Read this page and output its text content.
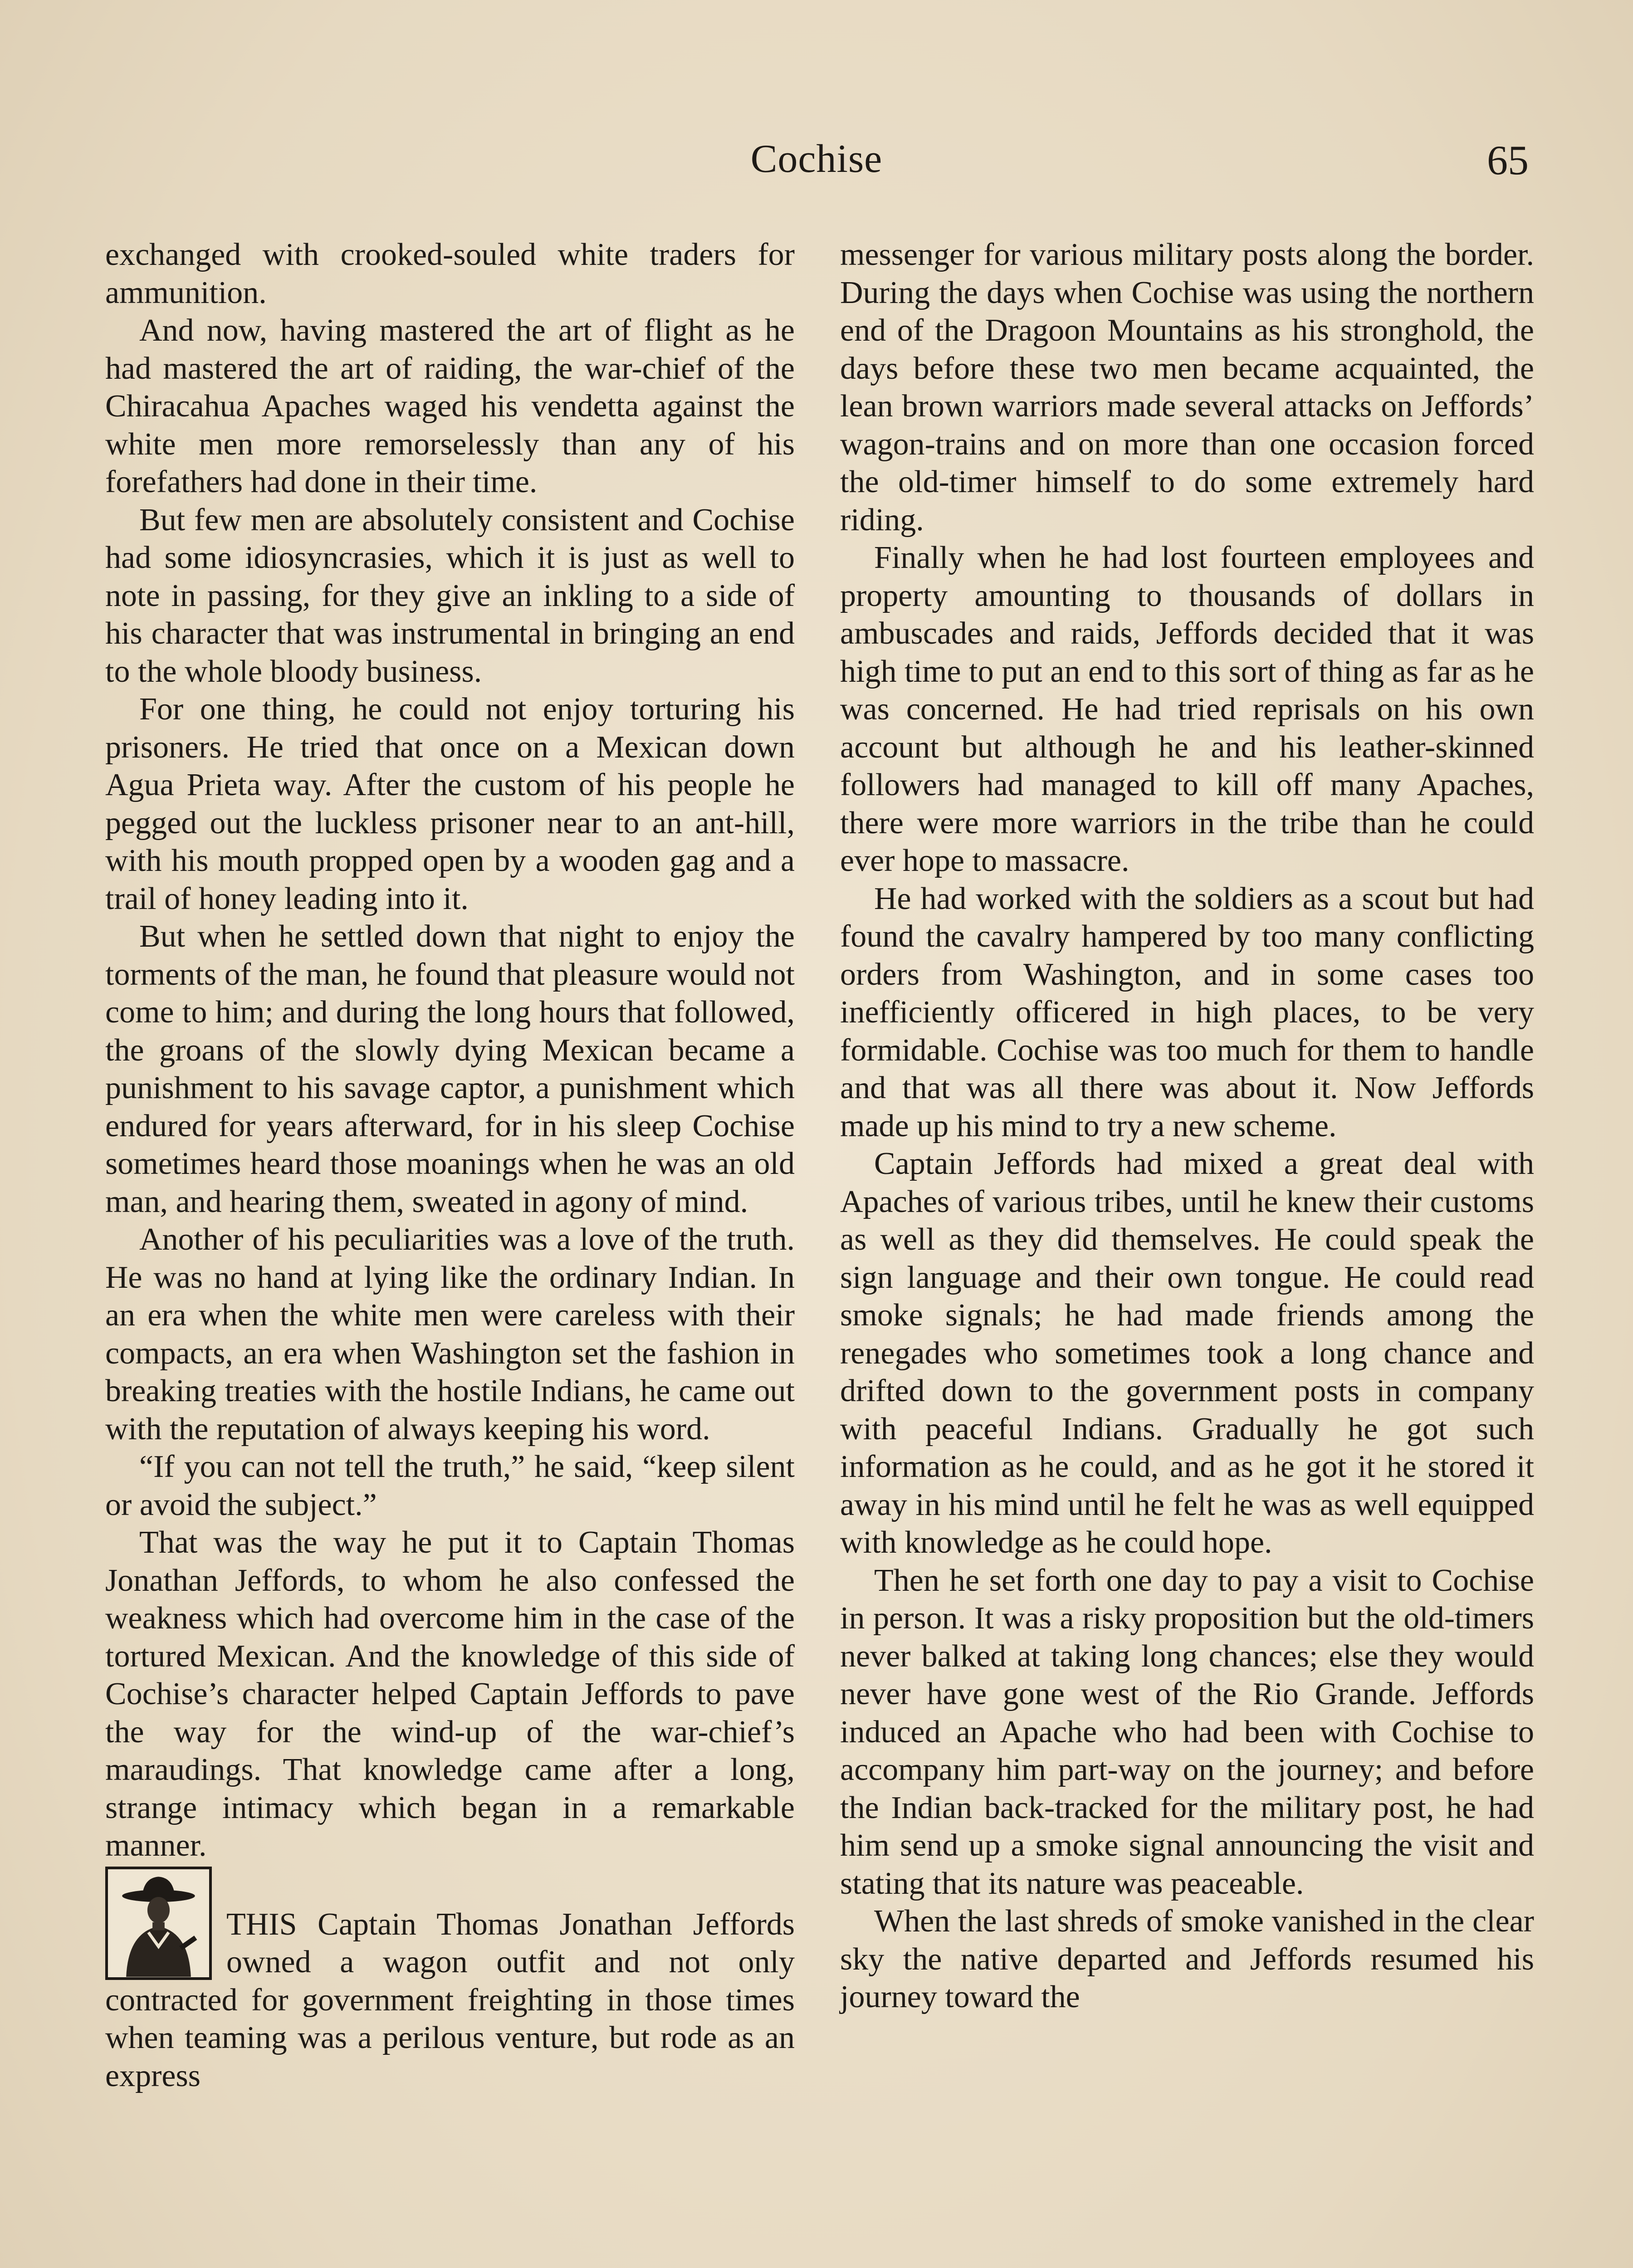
Cochise	65

exchanged with crooked-souled white traders for ammunition.

And now, having mastered the art of flight as he had mastered the art of raiding, the war-chief of the Chiracahua Apaches waged his vendetta against the white men more remorselessly than any of his forefathers had done in their time.

But few men are absolutely consistent and Cochise had some idiosyncrasies, which it is just as well to note in passing, for they give an inkling to a side of his character that was instrumental in bringing an end to the whole bloody business.

For one thing, he could not enjoy torturing his prisoners. He tried that once on a Mexican down Agua Prieta way. After the custom of his people he pegged out the luckless prisoner near to an ant-hill, with his mouth propped open by a wooden gag and a trail of honey leading into it.

But when he settled down that night to enjoy the torments of the man, he found that pleasure would not come to him; and during the long hours that followed, the groans of the slowly dying Mexican became a punishment to his savage captor, a punishment which endured for years afterward, for in his sleep Cochise sometimes heard those moanings when he was an old man, and hearing them, sweated in agony of mind.

Another of his peculiarities was a love of the truth. He was no hand at lying like the ordinary Indian. In an era when the white men were careless with their compacts, an era when Washington set the fashion in breaking treaties with the hostile Indians, he came out with the reputation of always keeping his word.

“If you can not tell the truth,” he said, “keep silent or avoid the subject.”

That was the way he put it to Captain Thomas Jonathan Jeffords, to whom he also confessed the weakness which had overcome him in the case of the tortured Mexican. And the knowledge of this side of Cochise’s character helped Captain Jeffords to pave the way for the wind-up of the war-chief’s maraudings. That knowledge came after a long, strange intimacy which began in a remarkable manner.

THIS Captain Thomas Jonathan Jeffords owned a wagon outfit and not only contracted for government freighting in those times when teaming was a perilous venture, but rode as an express

messenger for various military posts along the border. During the days when Cochise was using the northern end of the Dragoon Mountains as his stronghold, the days before these two men became acquainted, the lean brown warriors made several attacks on Jeffords’ wagon-trains and on more than one occasion forced the old-timer himself to do some extremely hard riding.

Finally when he had lost fourteen employees and property amounting to thousands of dollars in ambuscades and raids, Jeffords decided that it was high time to put an end to this sort of thing as far as he was concerned. He had tried reprisals on his own account but although he and his leather-skinned followers had managed to kill off many Apaches, there were more warriors in the tribe than he could ever hope to massacre.

He had worked with the soldiers as a scout but had found the cavalry hampered by too many conflicting orders from Washington, and in some cases too inefficiently officered in high places, to be very formidable. Cochise was too much for them to handle and that was all there was about it. Now Jeffords made up his mind to try a new scheme.

Captain Jeffords had mixed a great deal with Apaches of various tribes, until he knew their customs as well as they did themselves. He could speak the sign language and their own tongue. He could read smoke signals; he had made friends among the renegades who sometimes took a long chance and drifted down to the government posts in company with peaceful Indians. Gradually he got such information as he could, and as he got it he stored it away in his mind until he felt he was as well equipped with knowledge as he could hope.

Then he set forth one day to pay a visit to Cochise in person. It was a risky proposition but the old-timers never balked at taking long chances; else they would never have gone west of the Rio Grande. Jeffords induced an Apache who had been with Cochise to accompany him part-way on the journey; and before the Indian back-tracked for the military post, he had him send up a smoke signal announcing the visit and stating that its nature was peaceable.

When the last shreds of smoke vanished in the clear sky the native departed and Jeffords resumed his journey toward the
